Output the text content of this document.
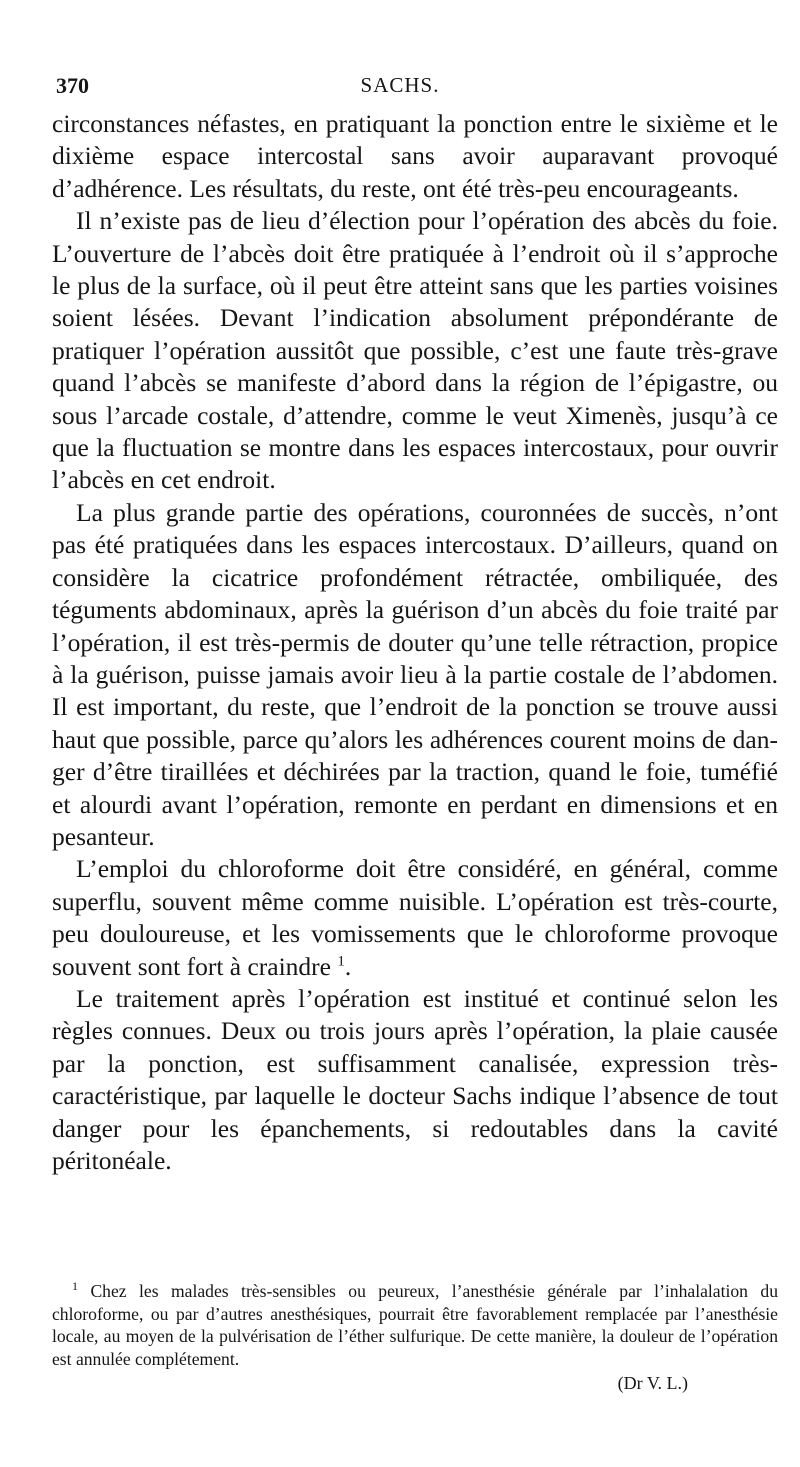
370	SACHS.

circonstances néfastes, en pratiquant la ponction entre le sixième et le dixième espace intercostal sans avoir auparavant provoqué d’adhérence. Les résultats, du reste, ont été très-peu encourageants.

Il n’existe pas de lieu d’élection pour l’opération des abcès du foie. L’ouverture de l’abcès doit être pratiquée à l’endroit où il s’approche le plus de la surface, où il peut être atteint sans que les parties voisines soient lésées. Devant l’indication absolument prépondérante de pratiquer l’opération aussitôt que possible, c’est une faute très-grave quand l’abcès se manifeste d’abord dans la région de l’épigastre, ou sous l’arcade costale, d’attendre, comme le veut Ximenès, jusqu’à ce que la fluctuation se montre dans les espaces intercostaux, pour ouvrir l’abcès en cet endroit.

La plus grande partie des opérations, couronnées de succès, n’ont pas été pratiquées dans les espaces intercostaux. D’ailleurs, quand on considère la cicatrice profondément rétractée, ombiliquée, des téguments abdominaux, après la guérison d’un abcès du foie traité par l’opération, il est très-permis de douter qu’une telle rétraction, propice à la guérison, puisse jamais avoir lieu à la partie costale de l’abdomen. Il est important, du reste, que l’endroit de la ponction se trouve aussi haut que possible, parce qu’alors les adhérences courent moins de danger d’être tiraillées et déchirées par la traction, quand le foie, tuméfié et alourdi avant l’opération, remonte en perdant en dimensions et en pesanteur.

L’emploi du chloroforme doit être considéré, en général, comme superflu, souvent même comme nuisible. L’opération est très-courte, peu douloureuse, et les vomissements que le chloroforme provoque souvent sont fort à craindre $^1$.

Le traitement après l’opération est institué et continué selon les règles connues. Deux ou trois jours après l’opération, la plaie causée par la ponction, est suffisamment canalisée, expression très-caractéristique, par laquelle le docteur Sachs indique l’absence de tout danger pour les épanchements, si redoutables dans la cavité péritonéale.

$^1$ Chez les malades très-sensibles ou peureux, l’anesthésie générale par l’inhalalation du chloroforme, ou par d’autres anesthésiques, pourrait être favorablement remplacée par l’anesthésie locale, au moyen de la pulvérisation de l’éther sulfurique. De cette manière, la douleur de l’opération est annulée complétement.

(Dr V. L.)
